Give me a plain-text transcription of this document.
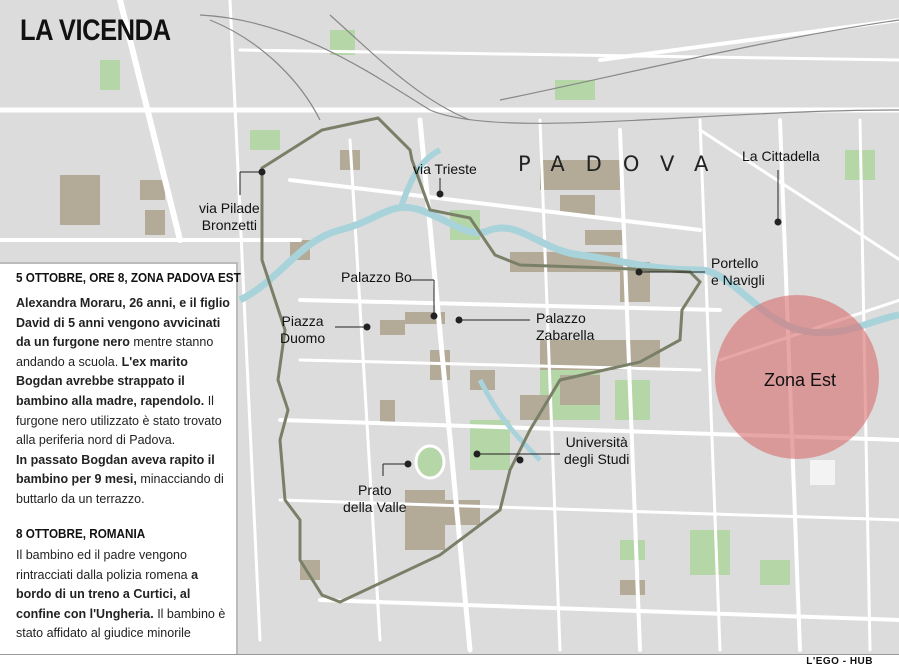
LA VICENDA
PADOVA
via Pilade
Bronzetti
via Trieste
La Cittadella
Portello
e Navigli
Palazzo Bo
Palazzo
Zabarella
Piazza
Duomo
Università
degli Studi
Prato
della Valle
Zona Est
5 OTTOBRE, ORE 8, ZONA PADOVA EST
Alexandra Moraru, 26 anni, e il figlio David di 5 anni vengono avvicinati da un furgone nero mentre stanno andando a scuola. L'ex marito Bogdan avrebbe strappato il bambino alla madre, rapendolo. Il furgone nero utilizzato è stato trovato alla periferia nord di Padova.
In passato Bogdan aveva rapito il bambino per 9 mesi, minacciando di buttarlo da un terrazzo.
8 OTTOBRE, ROMANIA
Il bambino ed il padre vengono rintracciati dalla polizia romena a bordo di un treno a Curtici, al confine con l'Ungheria. Il bambino è stato affidato al giudice minorile
L'EGO - HUB
